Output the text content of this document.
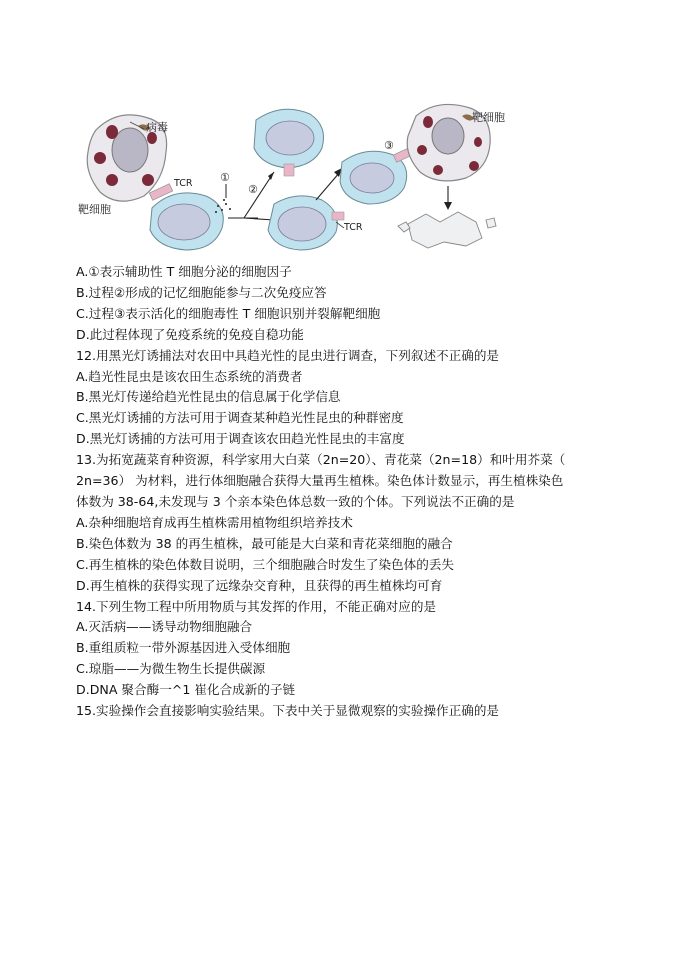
病毒
TCR
靶细胞
①
②
③
靶细胞
TCR
A.①表示辅助性 T 细胞分泌的细胞因子
B.过程②形成的记忆细胞能参与二次免疫应答
C.过程③表示活化的细胞毒性 T 细胞识别并裂解靶细胞
D.此过程体现了免疫系统的免疫自稳功能
12.用黑光灯诱捕法对农田中具趋光性的昆虫进行调查，下列叙述不正确的是
A.趋光性昆虫是该农田生态系统的消费者
B.黑光灯传递给趋光性昆虫的信息属于化学信息
C.黑光灯诱捕的方法可用于调查某种趋光性昆虫的种群密度
D.黑光灯诱捕的方法可用于调查该农田趋光性昆虫的丰富度
13.为拓宽蔬菜育种资源，科学家用大白菜（2n=20）、青花菜（2n=18）和叶用芥菜（
2n=36） 为材料，进行体细胞融合获得大量再生植株。染色体计数显示，再生植株染色
体数为 38-64,未发现与 3 个亲本染色体总数一致的个体。下列说法不正确的是
A.杂种细胞培育成再生植株需用植物组织培养技术
B.染色体数为 38 的再生植株，最可能是大白菜和青花菜细胞的融合
C.再生植株的染色体数目说明，三个细胞融合时发生了染色体的丢失
D.再生植株的获得实现了远缘杂交育种，且获得的再生植株均可育
14.下列生物工程中所用物质与其发挥的作用，不能正确对应的是
A.灭活病——诱导动物细胞融合
B.重组质粒一带外源基因进入受体细胞
C.琼脂——为微生物生长提供碳源
D.DNA 聚合酶一^1 崔化合成新的子链
15.实验操作会直接影响实验结果。下表中关于显微观察的实验操作正确的是
